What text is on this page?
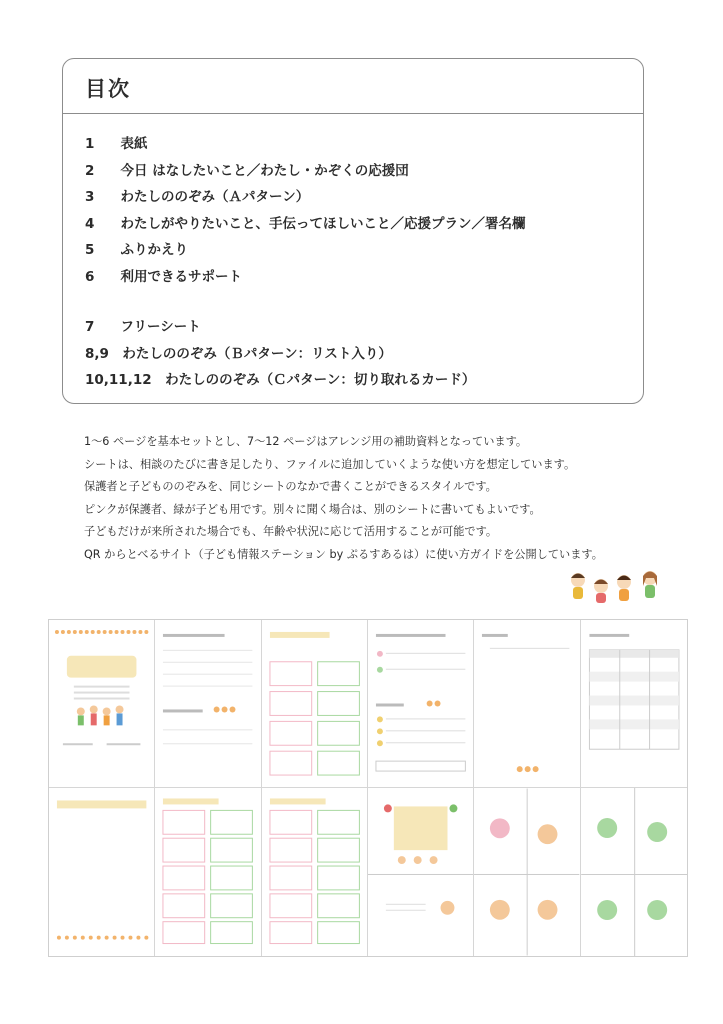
目次
1　 表紙
2　 今日 はなしたいこと／わたし・かぞくの応援団
3　 わたしののぞみ（Ａパターン）
4　 わたしがやりたいこと、手伝ってほしいこと／応援プラン／署名欄
5　 ふりかえり
6　 利用できるサポート
7　 フリーシート
8,9　 わたしののぞみ（Ｂパターン：リスト入り）
10,11,12　 わたしののぞみ（Ｃパターン：切り取れるカード）
1～6 ページを基本セットとし、7～12 ページはアレンジ用の補助資料となっています。
シートは、相談のたびに書き足したり、ファイルに追加していくような使い方を想定しています。
保護者と子どもののぞみを、同じシートのなかで書くことができるスタイルです。
ピンクが保護者、緑が子ども用です。別々に聞く場合は、別のシートに書いてもよいです。
子どもだけが来所された場合でも、年齢や状況に応じて活用することが可能です。
QR からとべるサイト（子ども情報ステーション by ぷるすあるは）に使い方ガイドを公開しています。
